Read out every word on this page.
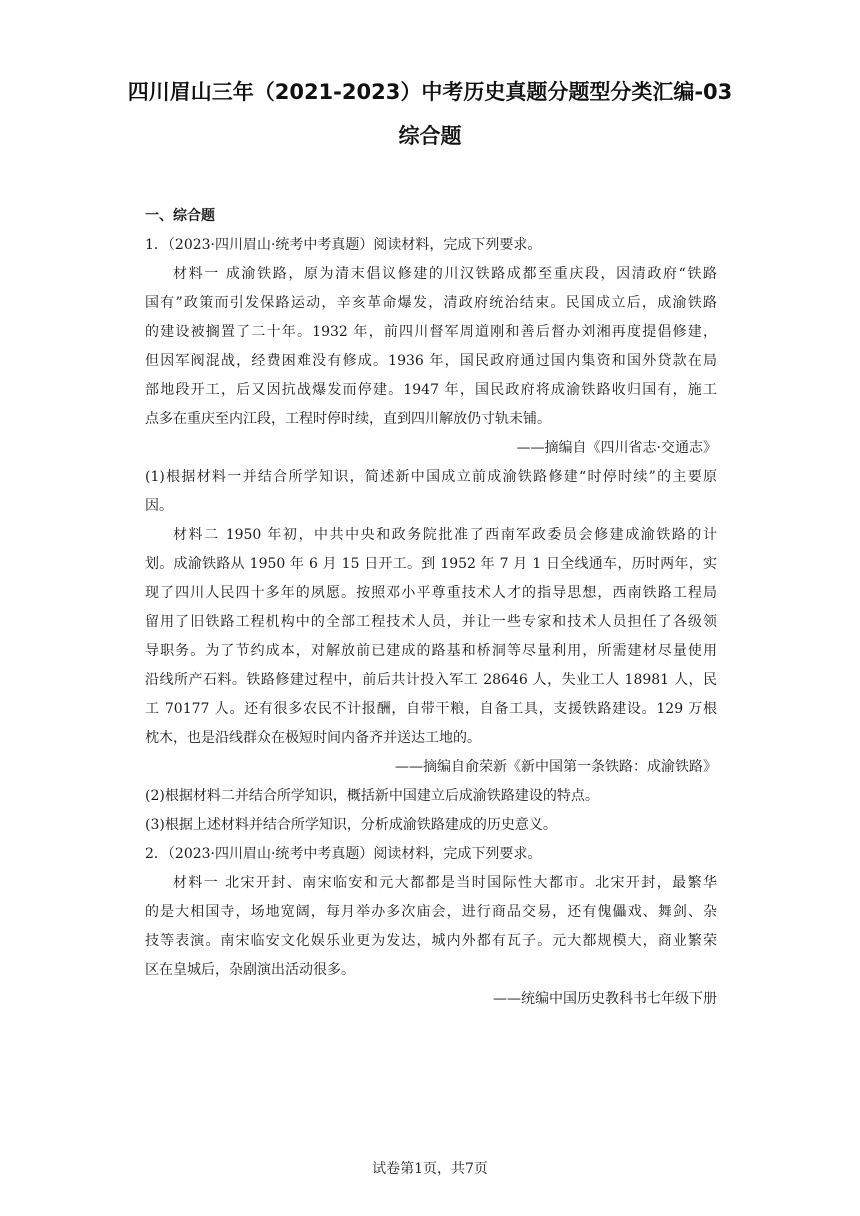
四川眉山三年（2021-2023）中考历史真题分题型分类汇编-03
综合题
一、综合题
1．（2023·四川眉山·统考中考真题）阅读材料，完成下列要求。
材料一 成渝铁路，原为清末倡议修建的川汉铁路成都至重庆段，因清政府“铁路
国有”政策而引发保路运动，辛亥革命爆发，清政府统治结束。民国成立后，成渝铁路
的建设被搁置了二十年。1932 年，前四川督军周道刚和善后督办刘湘再度提倡修建，
但因军阀混战，经费困难没有修成。1936 年，国民政府通过国内集资和国外贷款在局
部地段开工，后又因抗战爆发而停建。1947 年，国民政府将成渝铁路收归国有，施工
点多在重庆至内江段，工程时停时续，直到四川解放仍寸轨未铺。
——摘编自《四川省志·交通志》
(1)根据材料一并结合所学知识，简述新中国成立前成渝铁路修建“时停时续”的主要原
因。
材料二 1950 年初，中共中央和政务院批准了西南军政委员会修建成渝铁路的计
划。成渝铁路从 1950 年 6 月 15 日开工。到 1952 年 7 月 1 日全线通车，历时两年，实
现了四川人民四十多年的夙愿。按照邓小平尊重技术人才的指导思想，西南铁路工程局
留用了旧铁路工程机构中的全部工程技术人员，并让一些专家和技术人员担任了各级领
导职务。为了节约成本，对解放前已建成的路基和桥洞等尽量利用，所需建材尽量使用
沿线所产石料。铁路修建过程中，前后共计投入军工 28646 人，失业工人 18981 人，民
工 70177 人。还有很多农民不计报酬，自带干粮，自备工具，支援铁路建设。129 万根
枕木，也是沿线群众在极短时间内备齐并送达工地的。
——摘编自俞荣新《新中国第一条铁路：成渝铁路》
(2)根据材料二并结合所学知识，概括新中国建立后成渝铁路建设的特点。
(3)根据上述材料并结合所学知识，分析成渝铁路建成的历史意义。
2．（2023·四川眉山·统考中考真题）阅读材料，完成下列要求。
材料一 北宋开封、南宋临安和元大都都是当时国际性大都市。北宋开封，最繁华
的是大相国寺，场地宽阔，每月举办多次庙会，进行商品交易，还有傀儡戏、舞剑、杂
技等表演。南宋临安文化娱乐业更为发达，城内外都有瓦子。元大都规模大，商业繁荣
区在皇城后，杂剧演出活动很多。
——统编中国历史教科书七年级下册
试卷第1页，共7页
